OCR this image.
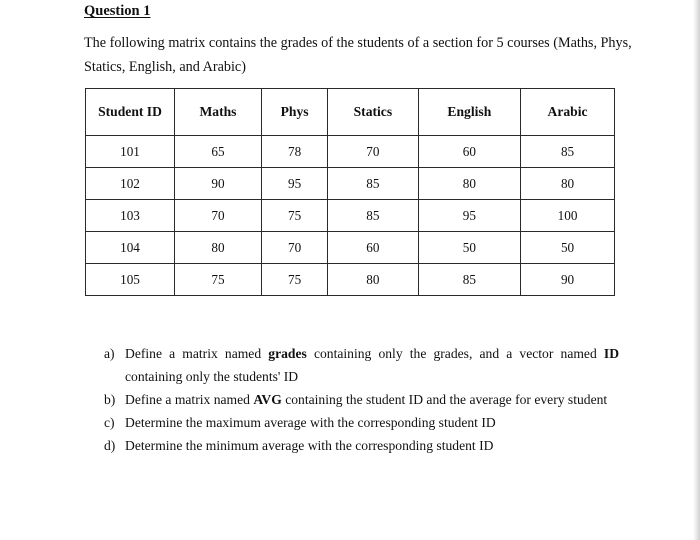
Question 1
The following matrix contains the grades of the students of a section for 5 courses (Maths, Phys,
Statics, English, and Arabic)
Student ID	Maths	Phys	Statics	English	Arabic
101	65	78	70	60	85
102	90	95	85	80	80
103	70	75	85	95	100
104	80	70	60	50	50
105	75	75	80	85	90
a) Define a matrix named grades containing only the grades, and a vector named ID
containing only the students' ID
b) Define a matrix named AVG containing the student ID and the average for every student
c) Determine the maximum average with the corresponding student ID
d) Determine the minimum average with the corresponding student ID
